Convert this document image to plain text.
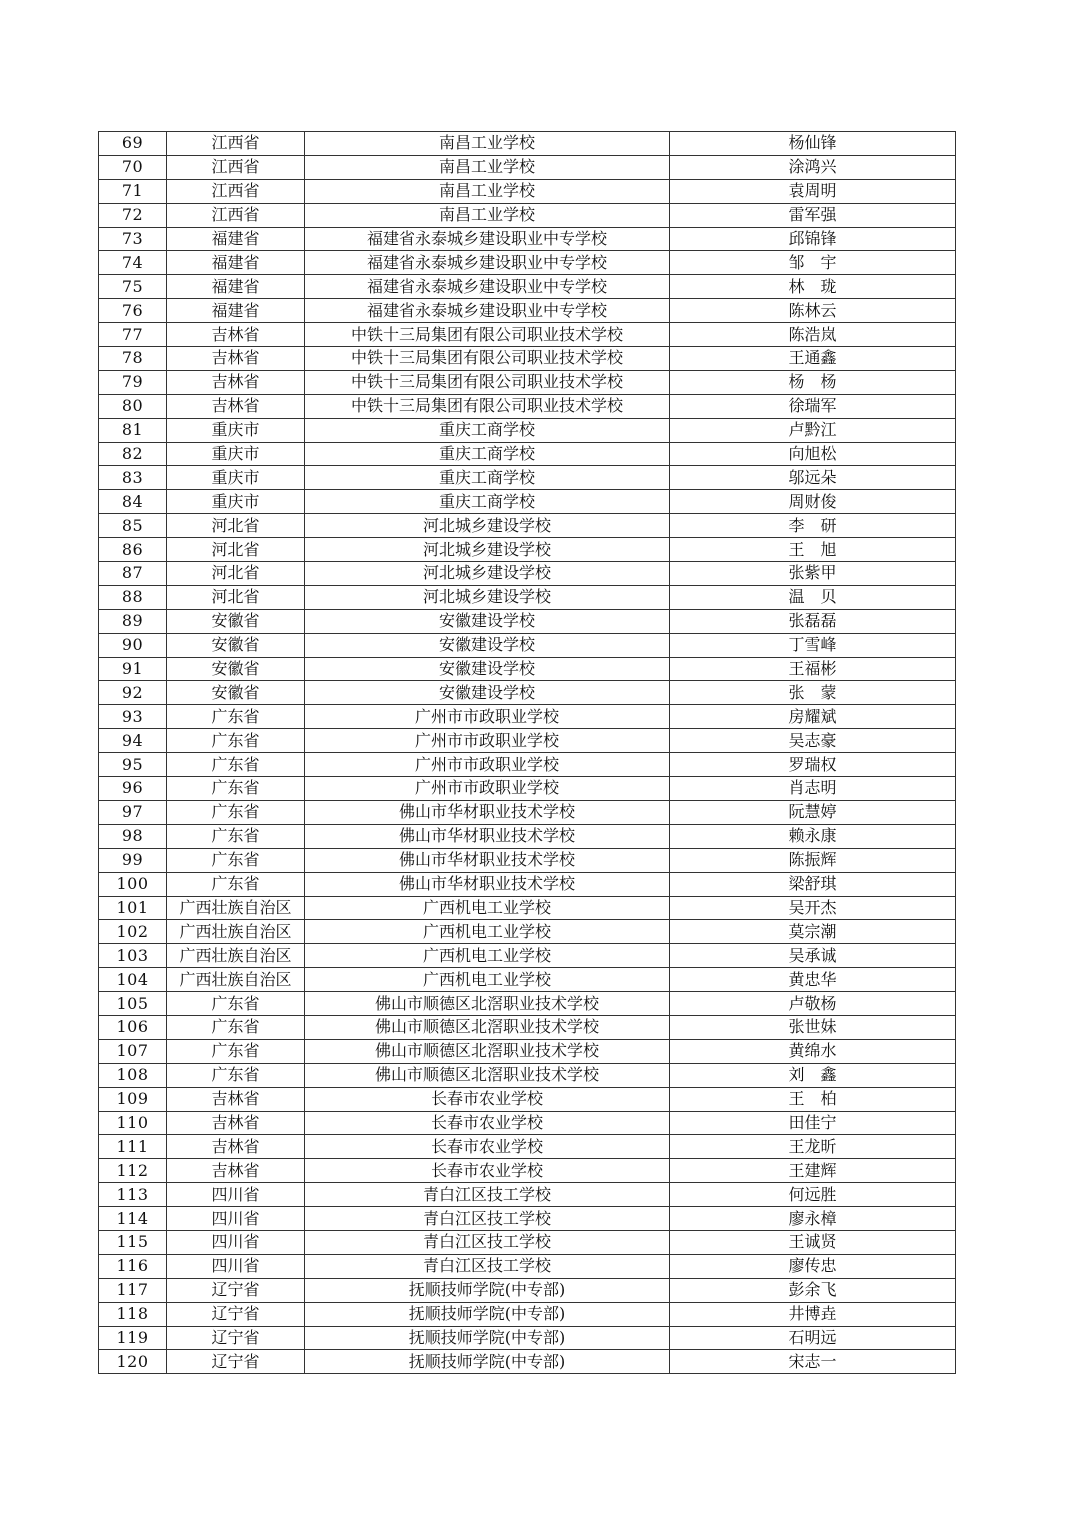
69	江西省	南昌工业学校	杨仙锋
70	江西省	南昌工业学校	涂鸿兴
71	江西省	南昌工业学校	袁周明
72	江西省	南昌工业学校	雷军强
73	福建省	福建省永泰城乡建设职业中专学校	邱锦锋
74	福建省	福建省永泰城乡建设职业中专学校	邹　宇
75	福建省	福建省永泰城乡建设职业中专学校	林　珑
76	福建省	福建省永泰城乡建设职业中专学校	陈林云
77	吉林省	中铁十三局集团有限公司职业技术学校	陈浩岚
78	吉林省	中铁十三局集团有限公司职业技术学校	王通鑫
79	吉林省	中铁十三局集团有限公司职业技术学校	杨　杨
80	吉林省	中铁十三局集团有限公司职业技术学校	徐瑞军
81	重庆市	重庆工商学校	卢黔江
82	重庆市	重庆工商学校	向旭松
83	重庆市	重庆工商学校	邬远朵
84	重庆市	重庆工商学校	周财俊
85	河北省	河北城乡建设学校	李　研
86	河北省	河北城乡建设学校	王　旭
87	河北省	河北城乡建设学校	张紫甲
88	河北省	河北城乡建设学校	温　贝
89	安徽省	安徽建设学校	张磊磊
90	安徽省	安徽建设学校	丁雪峰
91	安徽省	安徽建设学校	王福彬
92	安徽省	安徽建设学校	张　蒙
93	广东省	广州市市政职业学校	房耀斌
94	广东省	广州市市政职业学校	吴志豪
95	广东省	广州市市政职业学校	罗瑞权
96	广东省	广州市市政职业学校	肖志明
97	广东省	佛山市华材职业技术学校	阮慧婷
98	广东省	佛山市华材职业技术学校	赖永康
99	广东省	佛山市华材职业技术学校	陈振辉
100	广东省	佛山市华材职业技术学校	梁舒琪
101	广西壮族自治区	广西机电工业学校	吴开杰
102	广西壮族自治区	广西机电工业学校	莫宗潮
103	广西壮族自治区	广西机电工业学校	吴承诚
104	广西壮族自治区	广西机电工业学校	黄忠华
105	广东省	佛山市顺德区北滘职业技术学校	卢敬杨
106	广东省	佛山市顺德区北滘职业技术学校	张世妹
107	广东省	佛山市顺德区北滘职业技术学校	黄绵水
108	广东省	佛山市顺德区北滘职业技术学校	刘　鑫
109	吉林省	长春市农业学校	王　柏
110	吉林省	长春市农业学校	田佳宁
111	吉林省	长春市农业学校	王龙昕
112	吉林省	长春市农业学校	王建辉
113	四川省	青白江区技工学校	何远胜
114	四川省	青白江区技工学校	廖永樟
115	四川省	青白江区技工学校	王诚贤
116	四川省	青白江区技工学校	廖传忠
117	辽宁省	抚顺技师学院(中专部)	彭余飞
118	辽宁省	抚顺技师学院(中专部)	井博垚
119	辽宁省	抚顺技师学院(中专部)	石明远
120	辽宁省	抚顺技师学院(中专部)	宋志一
